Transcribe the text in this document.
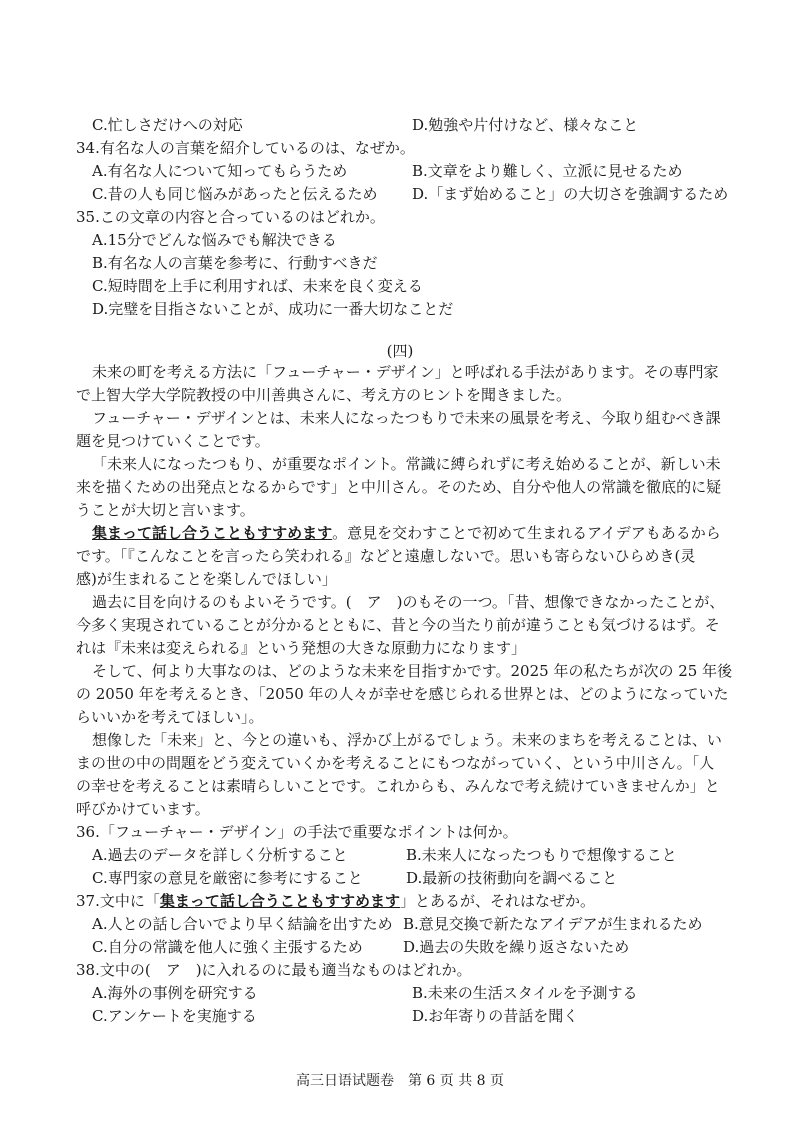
C.忙しさだけへの対応	D.勉強や片付けなど、様々なこと
34.有名な人の言葉を紹介しているのは、なぜか。
A.有名な人について知ってもらうため	B.文章をより難しく、立派に見せるため
C.昔の人も同じ悩みがあったと伝えるため D.「まず始めること」の大切さを強調するため
35.この文章の内容と合っているのはどれか。
A.15分でどんな悩みでも解決できる
B.有名な人の言葉を参考に、行動すべきだ
C.短時間を上手に利用すれば、未来を良く変える
D.完璧を目指さないことが、成功に一番大切なことだ
(四)
未来の町を考える方法に「フューチャー・デザイン」と呼ばれる手法があります。その専門家
で上智大学大学院教授の中川善典さんに、考え方のヒントを聞きました。
フューチャー・デザインとは、未来人になったつもりで未来の風景を考え、今取り組むべき課
題を見つけていくことです。
「未来人になったつもり、が重要なポイント。常識に縛られずに考え始めることが、新しい未
来を描くための出発点となるからです」と中川さん。そのため、自分や他人の常識を徹底的に疑
うことが大切と言います。
集まって話し合うこともすすめます。意見を交わすことで初めて生まれるアイデアもあるから
です。「『こんなことを言ったら笑われる』などと遠慮しないで。思いも寄らないひらめき(灵
感)が生まれることを楽しんでほしい」
過去に目を向けるのもよいそうです。(　ア　)のもその一つ。「昔、想像できなかったことが、
今多く実現されていることが分かるとともに、昔と今の当たり前が違うことも気づけるはず。そ
れは『未来は変えられる』という発想の大きな原動力になります」
そして、何より大事なのは、どのような未来を目指すかです。2025 年の私たちが次の 25 年後
の 2050 年を考えるとき、「2050 年の人々が幸せを感じられる世界とは、どのようになっていた
らいいかを考えてほしい」。
想像した「未来」と、今との違いも、浮かび上がるでしょう。未来のまちを考えることは、い
まの世の中の問題をどう変えていくかを考えることにもつながっていく、という中川さん。「人
の幸せを考えることは素晴らしいことです。これからも、みんなで考え続けていきませんか」と
呼びかけています。
36.「フューチャー・デザイン」の手法で重要なポイントは何か。
A.過去のデータを詳しく分析すること	B.未来人になったつもりで想像すること
C.専門家の意見を厳密に参考にすること	D.最新の技術動向を調べること
37.文中に「集まって話し合うこともすすめます」とあるが、それはなぜか。
A.人との話し合いでより早く結論を出すため B.意見交換で新たなアイデアが生まれるため
C.自分の常識を他人に強く主張するため	D.過去の失敗を繰り返さないため
38.文中の(　ア　)に入れるのに最も適当なものはどれか。
A.海外の事例を研究する	B.未来の生活スタイルを予測する
C.アンケートを実施する	D.お年寄りの昔話を聞く
高三日语试题卷　第 6 页 共 8 页
